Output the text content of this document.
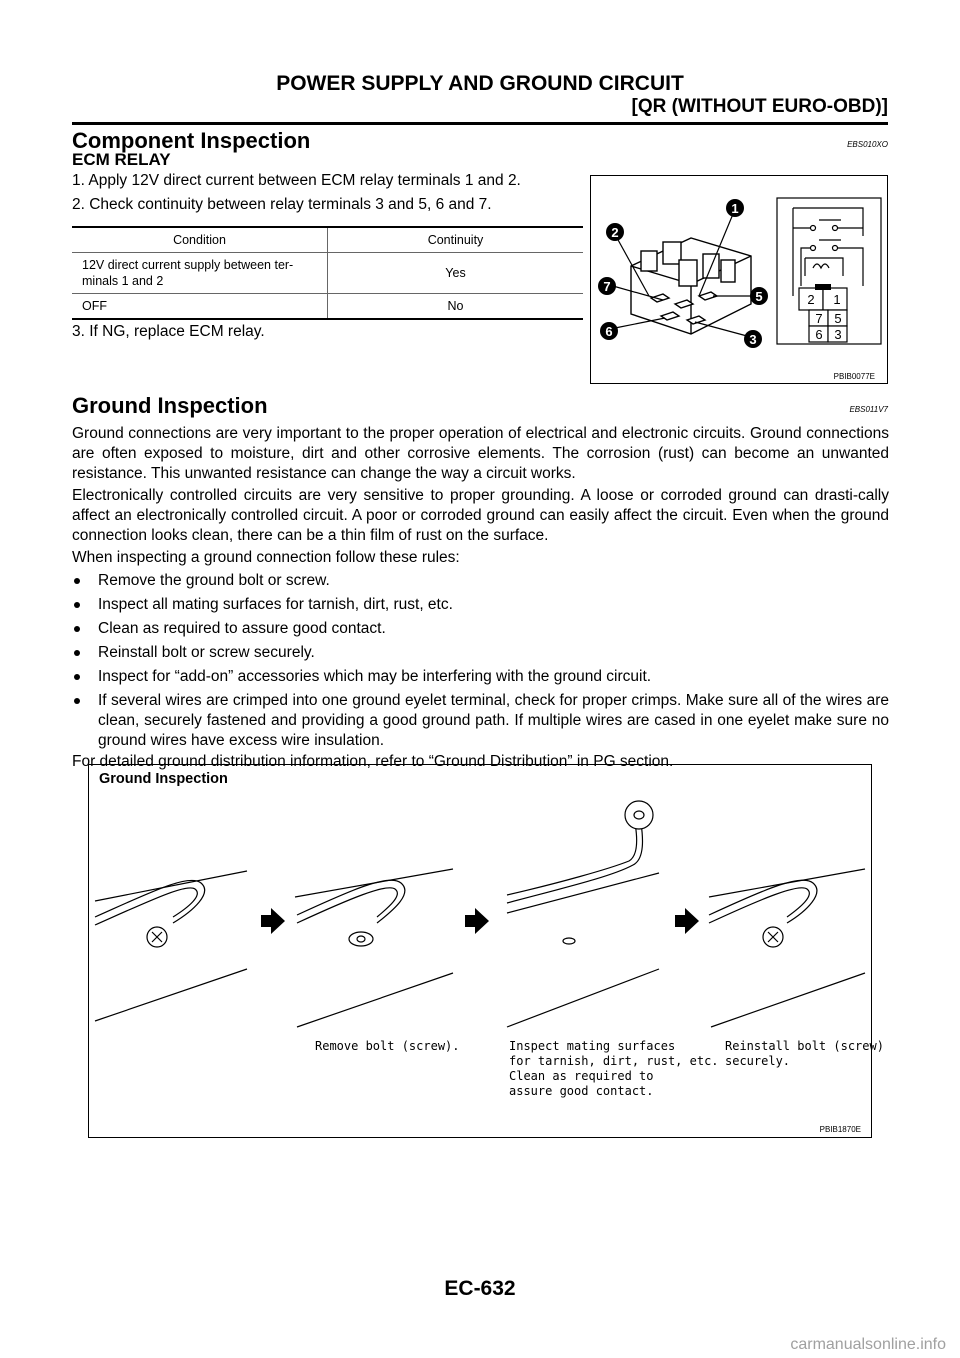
POWER SUPPLY AND GROUND CIRCUIT
[QR (WITHOUT EURO-OBD)]
Component Inspection	EBS010XO
ECM RELAY
1. Apply 12V direct current between ECM relay terminals 1 and 2.
2. Check continuity between relay terminals 3 and 5, 6 and 7.
Condition	Continuity
12V direct current supply between ter-
minals 1 and 2	Yes
OFF	No
3. If NG, replace ECM relay.
1
2
7
5
6
3
2 1
7 5
6 3
PBIB0077E
Ground Inspection	EBS011V7
Ground connections are very important to the proper operation of electrical and electronic circuits. Ground connections are often exposed to moisture, dirt and other corrosive elements. The corrosion (rust) can become an unwanted resistance. This unwanted resistance can change the way a circuit works.
Electronically controlled circuits are very sensitive to proper grounding. A loose or corroded ground can drasti-cally affect an electronically controlled circuit. A poor or corroded ground can easily affect the circuit. Even when the ground connection looks clean, there can be a thin film of rust on the surface.
When inspecting a ground connection follow these rules:
Remove the ground bolt or screw.
Inspect all mating surfaces for tarnish, dirt, rust, etc.
Clean as required to assure good contact.
Reinstall bolt or screw securely.
Inspect for “add-on” accessories which may be interfering with the ground circuit.
If several wires are crimped into one ground eyelet terminal, check for proper crimps. Make sure all of the wires are clean, securely fastened and providing a good ground path. If multiple wires are cased in one eyelet make sure no ground wires have excess wire insulation.
For detailed ground distribution information, refer to “Ground Distribution” in PG section.
Ground Inspection
Remove bolt (screw).	Inspect mating surfaces
for tarnish, dirt, rust, etc.
Clean as required to
assure good contact.
Reinstall bolt (screw)
securely.
PBIB1870E
EC-632
carmanualsonline.info
